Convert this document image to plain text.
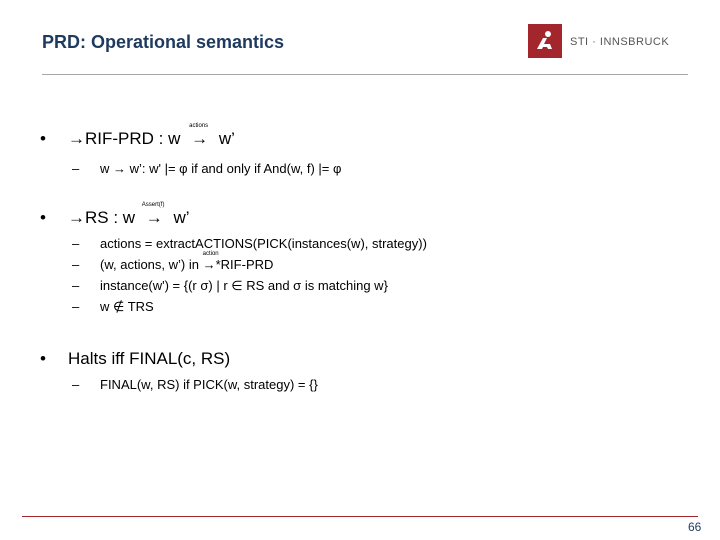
PRD: Operational semantics	STI · INNSBRUCK
• →RIF-PRD : w
actions
→ w’
– w → w’: w' |= φ if and only if And(w, f) |= φ
• →RS : w
Assert(f)
→ w’
– actions = extractACTIONS(PICK(instances(w), strategy))
– (w, actions, w’) in
action
→*RIF-PRD
– instance(w') = {(r σ) | r ∈ RS and σ is matching w}
– w ∉ TRS
• Halts iff FINAL(c, RS)
– FINAL(w, RS) if PICK(w, strategy) = {}
66
